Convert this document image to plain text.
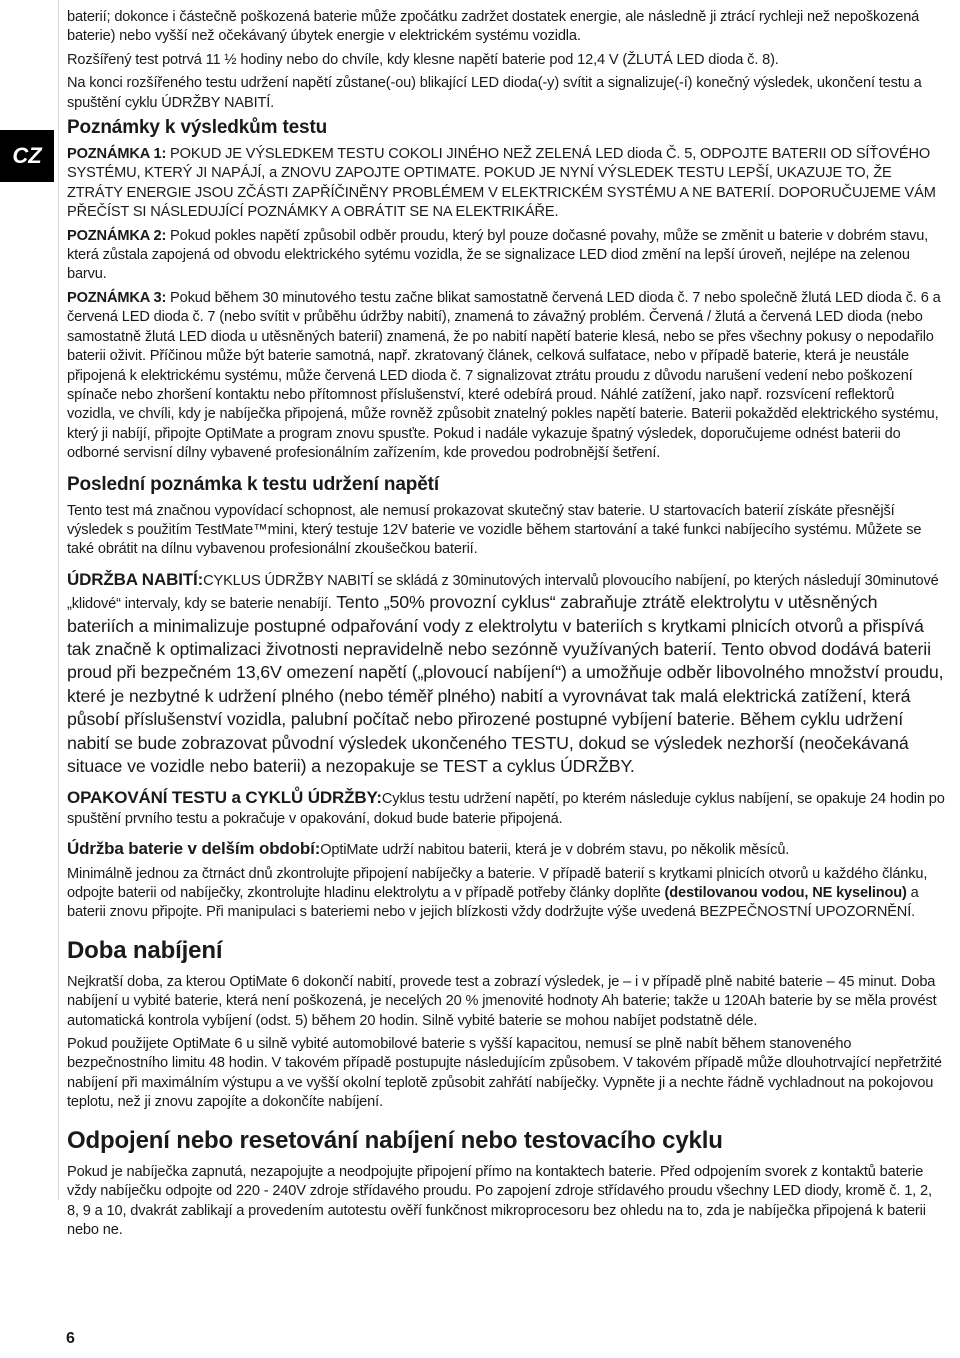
CZ

baterií; dokonce i částečně poškozená baterie může zpočátku zadržet dostatek energie, ale následně ji ztrácí rychleji než nepoškozená baterie) nebo vyšší než očekávaný úbytek energie v elektrickém systému vozidla.

Rozšířený test potrvá 11 ½ hodiny nebo do chvíle, kdy klesne napětí baterie pod 12,4 V (ŽLUTÁ LED dioda č. 8).

Na konci rozšířeného testu udržení napětí zůstane(-ou) blikající LED dioda(-y) svítit a signalizuje(-í) konečný výsledek, ukončení testu a spuštění cyklu ÚDRŽBY NABITÍ.

Poznámky k výsledkům testu

POZNÁMKA 1: POKUD JE VÝSLEDKEM TESTU COKOLI JINÉHO NEŽ ZELENÁ LED dioda Č. 5, ODPOJTE BATERII OD SÍŤOVÉHO SYSTÉMU, KTERÝ JI NAPÁJÍ, a ZNOVU ZAPOJTE OPTIMATE. POKUD JE NYNÍ VÝSLEDEK TESTU LEPŠÍ, UKAZUJE TO, ŽE ZTRÁTY ENERGIE JSOU ZČÁSTI ZAPŘÍČINĚNY PROBLÉMEM V ELEKTRICKÉM SYSTÉMU A NE BATERIÍ. DOPORUČUJEME VÁM PŘEČÍST SI NÁSLEDUJÍCÍ POZNÁMKY A OBRÁTIT SE NA ELEKTRIKÁŘE.

POZNÁMKA 2: Pokud pokles napětí způsobil odběr proudu, který byl pouze dočasné povahy, může se změnit u baterie v dobrém stavu, která zůstala zapojená od obvodu elektrického sytému vozidla, že se signalizace LED diod změní na lepší úroveň, nejlépe na zelenou barvu.

POZNÁMKA 3: Pokud během 30 minutového testu začne blikat samostatně červená LED dioda č. 7 nebo společně žlutá LED dioda č. 6 a červená LED dioda č. 7 (nebo svítit v průběhu údržby nabití), znamená to závažný problém. Červená / žlutá a červená LED dioda (nebo samostatně žlutá LED dioda u utěsněných baterií) znamená, že po nabití napětí baterie klesá, nebo se přes všechny pokusy o nepodařilo baterii oživit. Příčinou může být baterie samotná, např. zkratovaný článek, celková sulfatace, nebo v případě baterie, která je neustále připojená k elektrickému systému, může červená LED dioda č. 7 signalizovat ztrátu proudu z důvodu narušení vedení nebo poškození spínače nebo zhoršení kontaktu nebo přítomnost příslušenství, které odebírá proud. Náhlé zatížení, jako např. rozsvícení reflektorů vozidla, ve chvíli, kdy je nabíječka připojená, může rovněž způsobit znatelný pokles napětí baterie. Baterii pokažděd elektrického systému, který ji nabíjí, připojte OptiMate a program znovu spusťte. Pokud i nadále vykazuje špatný výsledek, doporučujeme odnést baterii do odborné servisní dílny vybavené profesionálním zařízením, kde provedou podrobnější šetření.

Poslední poznámka k testu udržení napětí

Tento test má značnou vypovídací schopnost, ale nemusí prokazovat skutečný stav baterie. U startovacích baterií získáte přesnější výsledek s použitím TestMate™mini, který testuje 12V baterie ve vozidle během startování a také funkci nabíjecího systému. Můžete se také obrátit na dílnu vybavenou profesionální zkoušečkou baterií.

ÚDRŽBA NABITÍ:CYKLUS ÚDRŽBY NABITÍ se skládá z 30minutových intervalů plovoucího nabíjení, po kterých následují 30minutové „klidové“ intervaly, kdy se baterie nenabíjí. Tento „50% provozní cyklus“ zabraňuje ztrátě elektrolytu v utěsněných bateriích a minimalizuje postupné odpařování vody z elektrolytu v bateriích s krytkami plnicích otvorů a přispívá tak značně k optimalizaci životnosti nepravidelně nebo sezónně využívaných baterií. Tento obvod dodává baterii proud při bezpečném 13,6V omezení napětí („plovoucí nabíjení“) a umožňuje odběr libovolného množství proudu, které je nezbytné k udržení plného (nebo téměř plného) nabití a vyrovnávat tak malá elektrická zatížení, která působí příslušenství vozidla, palubní počítač nebo přirozené postupné vybíjení baterie. Během cyklu udržení nabití se bude zobrazovat původní výsledek ukončeného TESTU, dokud se výsledek nezhorší (neočekávaná situace ve vozidle nebo baterii) a nezopakuje se TEST a cyklus ÚDRŽBY.

OPAKOVÁNÍ TESTU a CYKLŮ ÚDRŽBY:Cyklus testu udržení napětí, po kterém následuje cyklus nabíjení, se opakuje 24 hodin po spuštění prvního testu a pokračuje v opakování, dokud bude baterie připojená.

Údržba baterie v delším období:OptiMate udrží nabitou baterii, která je v dobrém stavu, po několik měsíců.

Minimálně jednou za čtrnáct dnů zkontrolujte připojení nabíječky a baterie. V případě baterií s krytkami plnicích otvorů u každého článku, odpojte baterii od nabíječky, zkontrolujte hladinu elektrolytu a v případě potřeby články doplňte (destilovanou vodou, NE kyselinou) a baterii znovu připojte. Při manipulaci s bateriemi nebo v jejich blízkosti vždy dodržujte výše uvedená BEZPEČNOSTNÍ UPOZORNĚNÍ.

Doba nabíjení

Nejkratší doba, za kterou OptiMate 6 dokončí nabití, provede test a zobrazí výsledek, je – i v případě plně nabité baterie – 45 minut. Doba nabíjení u vybité baterie, která není poškozená, je necelých 20 % jmenovité hodnoty Ah baterie; takže u 120Ah baterie by se měla provést automatická kontrola vybíjení (odst. 5) během 20 hodin. Silně vybité baterie se mohou nabíjet podstatně déle.

Pokud použijete OptiMate 6 u silně vybité automobilové baterie s vyšší kapacitou, nemusí se plně nabít během stanoveného bezpečnostního limitu 48 hodin. V takovém případě postupujte následujícím způsobem. V takovém případě může dlouhotrvající nepřetržité nabíjení při maximálním výstupu a ve vyšší okolní teplotě způsobit zahřátí nabíječky. Vypněte ji a nechte řádně vychladnout na pokojovou teplotu, než ji znovu zapojíte a dokončíte nabíjení.

Odpojení nebo resetování nabíjení nebo testovacího cyklu

Pokud je nabíječka zapnutá, nezapojujte a neodpojujte připojení přímo na kontaktech baterie. Před odpojením svorek z kontaktů baterie vždy nabíječku odpojte od 220 - 240V zdroje střídavého proudu. Po zapojení zdroje střídavého proudu všechny LED diody, kromě č. 1, 2, 8, 9 a 10, dvakrát zablikají a provedením autotestu ověří funkčnost mikroprocesoru bez ohledu na to, zda je nabíječka připojená k baterii nebo ne.

6
